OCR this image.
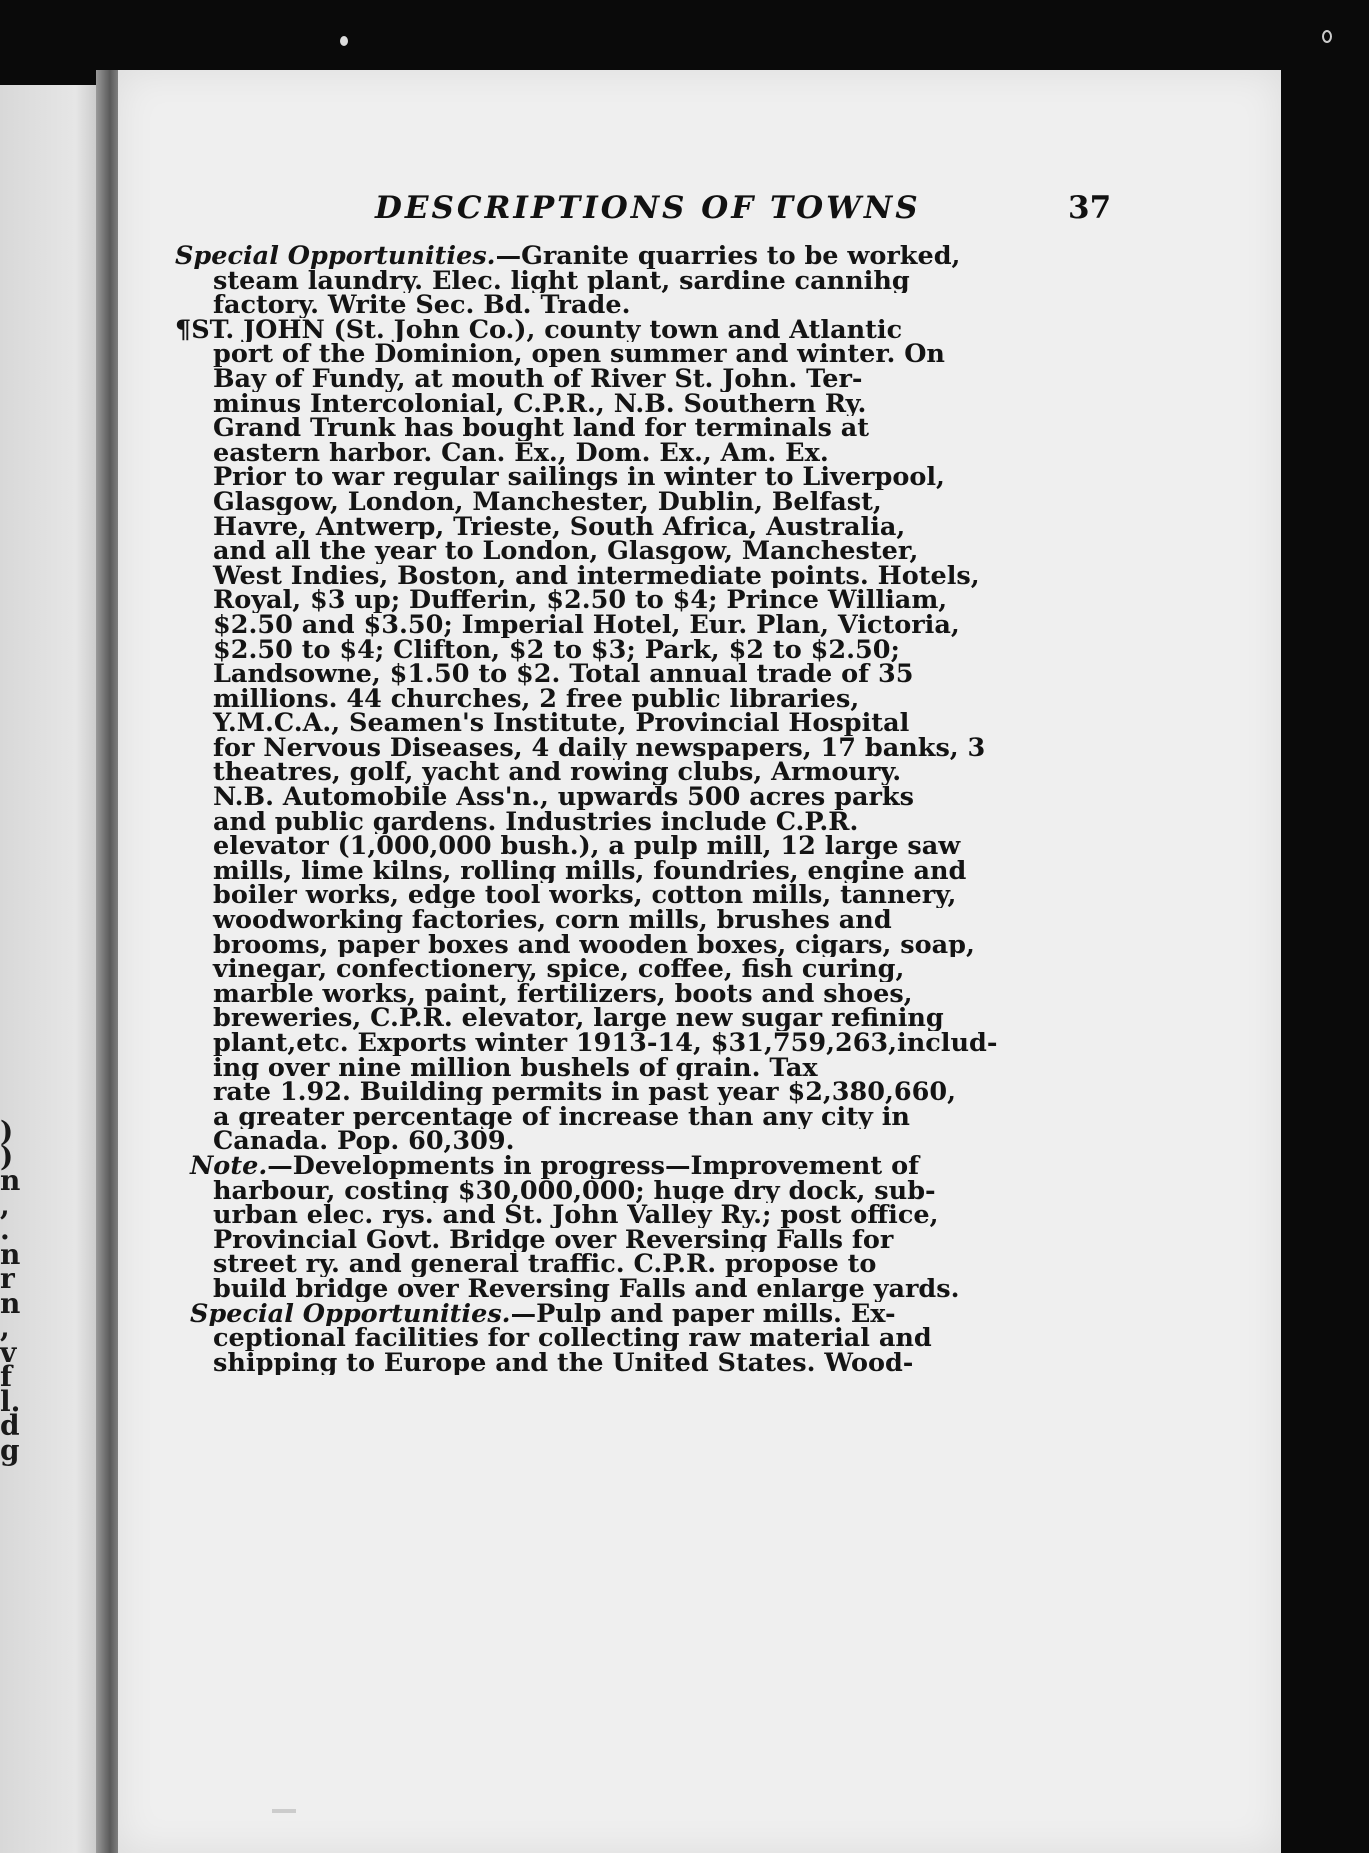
)
)
n
,
.
n
r
n
,
v
f
l.
d
g
DESCRIPTIONS OF TOWNS	37
Special Opportunities.—Granite quarries to be worked,
steam laundry. Elec. light plant, sardine cannihg
factory. Write Sec. Bd. Trade.
¶ST. JOHN (St. John Co.), county town and Atlantic
port of the Dominion, open summer and winter. On
Bay of Fundy, at mouth of River St. John. Ter-
minus Intercolonial, C.P.R., N.B. Southern Ry.
Grand Trunk has bought land for terminals at
eastern harbor. Can. Ex., Dom. Ex., Am. Ex.
Prior to war regular sailings in winter to Liverpool,
Glasgow, London, Manchester, Dublin, Belfast,
Havre, Antwerp, Trieste, South Africa, Australia,
and all the year to London, Glasgow, Manchester,
West Indies, Boston, and intermediate points. Hotels,
Royal, $3 up; Dufferin, $2.50 to $4; Prince William,
$2.50 and $3.50; Imperial Hotel, Eur. Plan, Victoria,
$2.50 to $4; Clifton, $2 to $3; Park, $2 to $2.50;
Landsowne, $1.50 to $2. Total annual trade of 35
millions. 44 churches, 2 free public libraries,
Y.M.C.A., Seamen's Institute, Provincial Hospital
for Nervous Diseases, 4 daily newspapers, 17 banks, 3
theatres, golf, yacht and rowing clubs, Armoury.
N.B. Automobile Ass'n., upwards 500 acres parks
and public gardens. Industries include C.P.R.
elevator (1,000,000 bush.), a pulp mill, 12 large saw
mills, lime kilns, rolling mills, foundries, engine and
boiler works, edge tool works, cotton mills, tannery,
woodworking factories, corn mills, brushes and
brooms, paper boxes and wooden boxes, cigars, soap,
vinegar, confectionery, spice, coffee, fish curing,
marble works, paint, fertilizers, boots and shoes,
breweries, C.P.R. elevator, large new sugar refining
plant,etc. Exports winter 1913-14, $31,759,263,includ-
ing over nine million bushels of grain. Tax
rate 1.92. Building permits in past year $2,380,660,
a greater percentage of increase than any city in
Canada. Pop. 60,309.
Note.—Developments in progress—Improvement of
harbour, costing $30,000,000; huge dry dock, sub-
urban elec. rys. and St. John Valley Ry.; post office,
Provincial Govt. Bridge over Reversing Falls for
street ry. and general traffic. C.P.R. propose to
build bridge over Reversing Falls and enlarge yards.
Special Opportunities.—Pulp and paper mills. Ex-
ceptional facilities for collecting raw material and
shipping to Europe and the United States. Wood-
